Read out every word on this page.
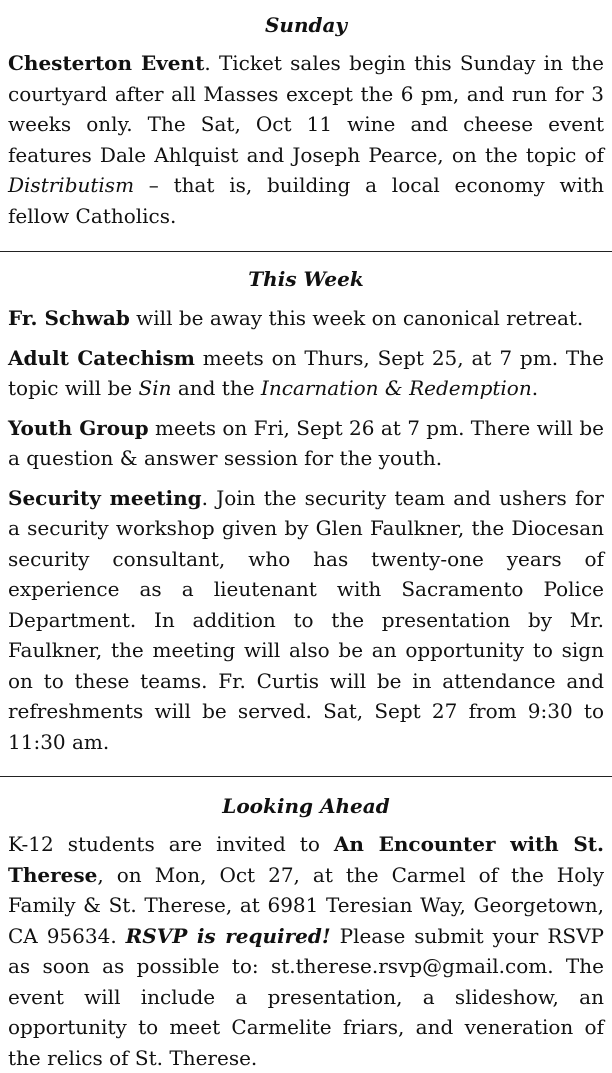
Sunday

Chesterton Event. Ticket sales begin this Sunday in the courtyard after all Masses except the 6 pm, and run for 3 weeks only. The Sat, Oct 11 wine and cheese event features Dale Ahlquist and Joseph Pearce, on the topic of Distributism – that is, building a local economy with fellow Catholics.

This Week

Fr. Schwab will be away this week on canonical retreat.

Adult Catechism meets on Thurs, Sept 25, at 7 pm. The topic will be Sin and the Incarnation & Redemption.

Youth Group meets on Fri, Sept 26 at 7 pm. There will be a question & answer session for the youth.

Security meeting. Join the security team and ushers for a security workshop given by Glen Faulkner, the Diocesan security consultant, who has twenty-one years of experience as a lieutenant with Sacramento Police Department. In addition to the presentation by Mr. Faulkner, the meeting will also be an opportunity to sign on to these teams. Fr. Curtis will be in attendance and refreshments will be served. Sat, Sept 27 from 9:30 to 11:30 am.

Looking Ahead

K-12 students are invited to An Encounter with St. Therese, on Mon, Oct 27, at the Carmel of the Holy Family & St. Therese, at 6981 Teresian Way, Georgetown, CA 95634. RSVP is required! Please submit your RSVP as soon as possible to: st.therese.rsvp@gmail.com. The event will include a presentation, a slideshow, an opportunity to meet Carmelite friars, and veneration of the relics of St. Therese.
